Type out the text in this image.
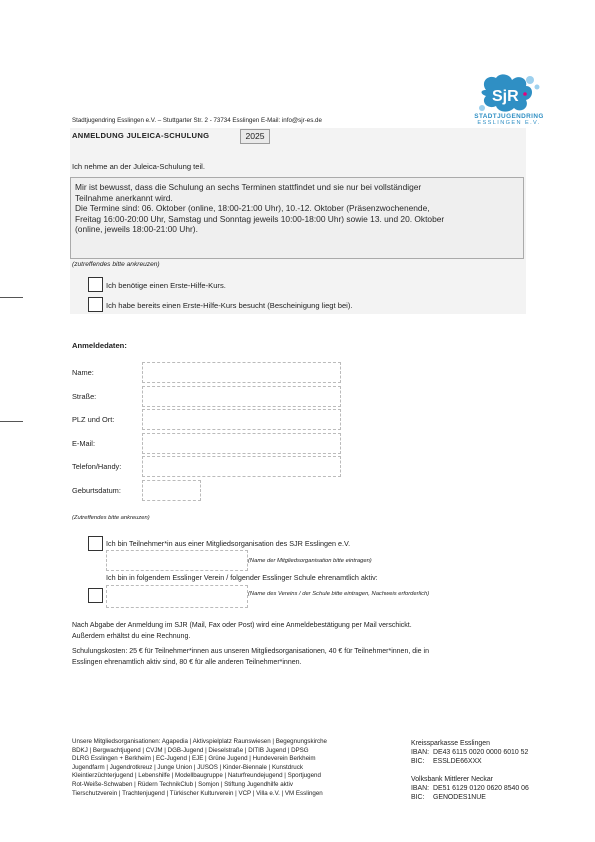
SjR
STADTJUGENDRING
ESSLINGEN E.V.
Stadtjugendring Esslingen e.V. – Stuttgarter Str. 2 - 73734 Esslingen E-Mail: info@sjr-es.de
ANMELDUNG JULEICA-SCHULUNG	2025
Ich nehme an der Juleica-Schulung teil.
Mir ist bewusst, dass die Schulung an sechs Terminen stattfindet und sie nur bei vollständiger
Teilnahme anerkannt wird.
Die Termine sind: 06. Oktober (online, 18:00-21:00 Uhr), 10.-12. Oktober (Präsenzwochenende,
Freitag 16:00-20:00 Uhr, Samstag und Sonntag jeweils 10:00-18:00 Uhr) sowie 13. und 20. Oktober
(online, jeweils 18:00-21:00 Uhr).
(zutreffendes bitte ankreuzen)
Ich benötige einen Erste-Hilfe-Kurs.
Ich habe bereits einen Erste-Hilfe-Kurs besucht (Bescheinigung liegt bei).
Anmeldedaten:
Name:
Straße:
PLZ und Ort:
E-Mail:
Telefon/Handy:
Geburtsdatum:
(Zutreffendes bitte ankreuzen)
Ich bin Teilnehmer*in aus einer Mitgliedsorganisation des SJR Esslingen e.V.
(Name der Mitgliedsorganisation bitte eintragen)
Ich bin in folgendem Esslinger Verein / folgender Esslinger Schule ehrenamtlich aktiv:
(Name des Vereins / der Schule bitte eintragen, Nachweis erforderlich)
Nach Abgabe der Anmeldung im SJR (Mail, Fax oder Post) wird eine Anmeldebestätigung per Mail verschickt.
Außerdem erhältst du eine Rechnung.
Schulungskosten: 25 € für Teilnehmer*innen aus unseren Mitgliedsorganisationen, 40 € für Teilnehmer*innen, die in
Esslingen ehrenamtlich aktiv sind, 80 € für alle anderen Teilnehmer*innen.
Unsere Mitgliedsorganisationen: Agapedia | Aktivspielplatz Raunswiesen | Begegnungskirche
BDKJ | Bergwachtjugend | CVJM | DGB-Jugend | Dieselstraße | DITIB Jugend | DPSG
DLRG Esslingen + Berkheim | EC-Jugend | EJE | Grüne Jugend | Hundeverein Berkheim
Jugendfarm | Jugendrotkreuz | Junge Union | JUSOS | Kinder-Biennale | Kunstdruck
Kleintierzüchterjugend | Lebenshilfe | Modellbaugruppe | Naturfreundejugend | Sportjugend
Rot-Weiße-Schwaben | Rüdern TechnikClub | Somjon | Stiftung Jugendhilfe aktiv
Tierschutzverein | Trachtenjugend | Türkischer Kulturverein | VCP | Villa e.V. | VM Esslingen
Kreissparkasse Esslingen
IBAN: DE43 6115 0020 0000 6010 52
BIC:	ESSLDE66XXX
Volksbank Mittlerer Neckar
IBAN: DE51 6129 0120 0620 8540 06
BIC:	GENODES1NUE
